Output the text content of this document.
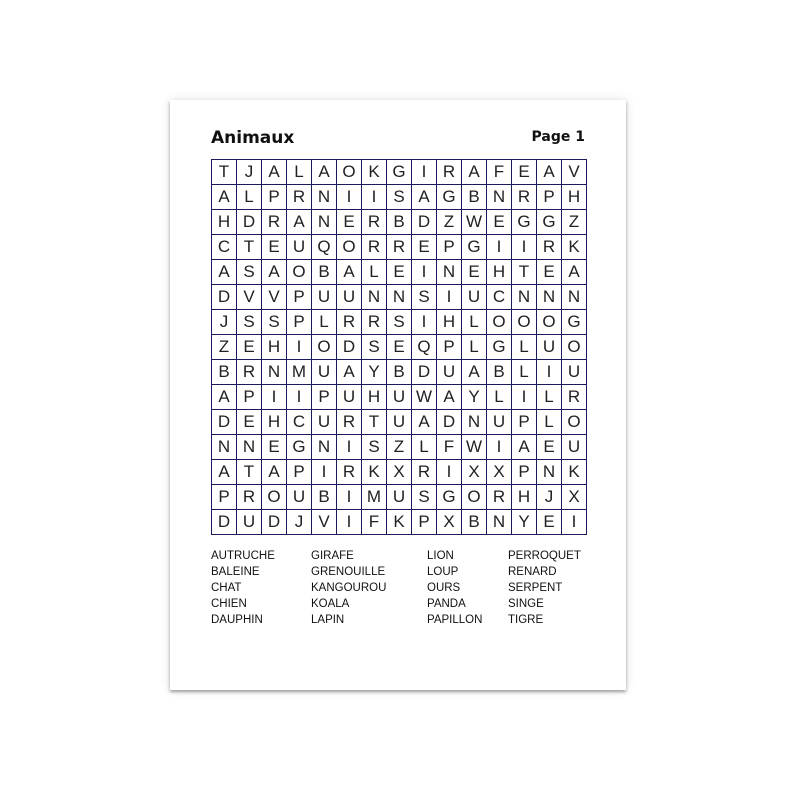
Animaux	Page 1
T J A L A O K G I R A F E A V
A L P R N I	I S A G B N R P H
H D R A N E R B D Z W E G G Z
C T E U Q O R R E P G I	I R K
A S A O B A L E I N E H T E A
D V V P U U N N S I U C N N N
J S S P L R R S I H L O O O G
Z E H I O D S E Q P L G L U O
B R N M U A Y B D U A B L	I U
A P I	I P U H U W A Y L	I	L R
D E H C U R T U A D N U P L O
N N E G N I S Z L F W I A E U
A T A P I R K X R I X X P N K
P R O U B I M U S G O R H J X
D U D J V I	F K P X B N Y E I
AUTRUCHE
BALEINE
CHAT
CHIEN
DAUPHIN
GIRAFE
GRENOUILLE
KANGOUROU
KOALA
LAPIN
LION
LOUP
OURS
PANDA
PAPILLON
PERROQUET
RENARD
SERPENT
SINGE
TIGRE
